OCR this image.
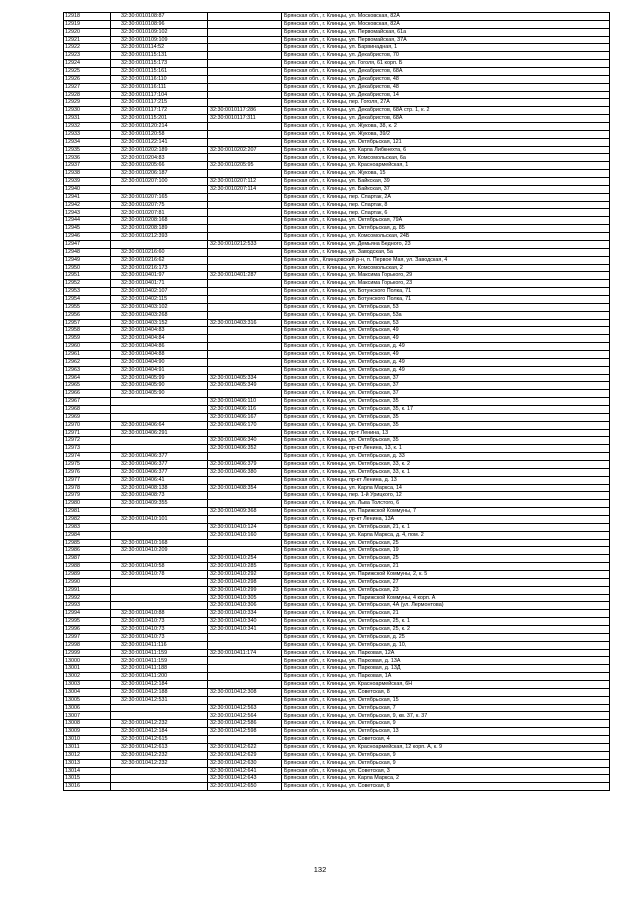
12918	32:30:0010108:87		Брянская обл., г. Клинцы, ул. Московская, 82А
12919	32:30:0010108:96		Брянская обл., г. Клинцы, ул. Московская, 82А
12920	32:30:0010109:102		Брянская обл., г. Клинцы, ул. Первомайская, 61а
12921	32:30:0010109:109		Брянская обл., г. Клинцы, ул. Первомайская, 37А
12922	32:30:0010114:52		Брянская обл., г. Клинцы, ул. Барвинадная, 1
12923	32:30:0010115:131		Брянская обл., г. Клинцы, ул. Декабристов, 70
12924	32:30:0010115:173		Брянская обл., г. Клинцы, ул. Гоголя, 61 корп. Б
12925	32:30:0010115:161		Брянская обл., г. Клинцы, ул. Декабристов, 68А
12926	32:30:0010116:110		Брянская обл., г. Клинцы, ул. Декабристов, 48
12927	32:30:0010116:111		Брянская обл., г. Клинцы, ул. Декабристов, 48
12928	32:30:0010117:104		Брянская обл., г. Клинцы, ул. Декабристов, 14
12929	32:30:0010117:215		Брянская обл., г. Клинцы, пер. Гоголя, 27А
12930	32:30:0010117:172	32:30:0010117:286	Брянская обл., г. Клинцы, ул. Декабристов, 68А стр. 1, к. 2
12931	32:30:0010115:201	32:30:0010117:311	Брянская обл., г. Клинцы, ул. Декабристов, 68А
12932	32:30:0010120:214		Брянская обл., г. Клинцы, ул. Жукова, 38, к. 2
12933	32:30:0010120:58		Брянская обл., г. Клинцы, ул. Жукова, 39/2
12934	32:30:0010122:141		Брянская обл., г. Клинцы, ул. Октябрьская, 121
12935	32:30:0010202:189	32:30:0010202:207	Брянская обл., г. Клинцы, ул. Карла Либкнехта, 6
12936	32:30:0010204:83		Брянская обл., г. Клинцы, ул. Комсомольская, 6а
12937	32:30:0010205:66	32:30:0010205:95	Брянская обл., г. Клинцы, ул. Красноармейская, 1
12938	32:30:0010206:187		Брянская обл., г. Клинцы, ул. Жукова, 15
12939	32:30:0010207:100	32:30:0010207:112	Брянская обл., г. Клинцы, ул. Байкская, 39
12940		32:30:0010207:114	Брянская обл., г. Клинцы, ул. Байкская, 37
12941	32:30:0010207:165		Брянская обл., г. Клинцы, пер. Спартак, 2А
12942	32:30:0010207:75		Брянская обл., г. Клинцы, пер. Спартак, 8
12943	32:30:0010207:81		Брянская обл., г. Клинцы, пер. Спартак, 6
12944	32:30:0010208:168		Брянская обл., г. Клинцы, ул. Октябрьская, 79А
12945	32:30:0010208:189		Брянская обл., г. Клинцы, ул. Октябрьская, д. 85
12946	32:30:0010212:393		Брянская обл., г. Клинцы, ул. Комсомольская, 24Б
12947		32:30:0010212:533	Брянская обл., г. Клинцы, ул. Демьяна Бедного, 23
12948	32:30:0010216:60		Брянская обл., г. Клинцы, ул. Заводская, 5а
12949	32:30:0010216:62		Брянская обл., Клинцовский р-н, п. Первое Мая, ул. Заводская, 4
12950	32:30:0010216:173		Брянская обл., г. Клинцы, ул. Комсомольская, 2
12951	32:30:0010401:97	32:30:0010401:287	Брянская обл., г. Клинцы, ул. Максима Горького, 29
12952	32:30:0010401:71		Брянская обл., г. Клинцы, ул. Максима Горького, 23
12953	32:30:0010402:107		Брянская обл., г. Клинцы, ул. Ботунского Полка, 71
12954	32:30:0010402:115		Брянская обл., г. Клинцы, ул. Ботунского Полка, 71
12955	32:30:0010403:102		Брянская обл., г. Клинцы, ул. Октябрьская, 53
12956	32:30:0010403:268		Брянская обл., г. Клинцы, ул. Октябрьская, 53а
12957	32:30:0010403:152	32:30:0010403:316	Брянская обл., г. Клинцы, ул. Октябрьская, 53
12958	32:30:0010404:83		Брянская обл., г. Клинцы, ул. Октябрьская, 49
12959	32:30:0010404:84		Брянская обл., г. Клинцы, ул. Октябрьская, 49
12960	32:30:0010404:86		Брянская обл., г. Клинцы, ул. Октябрьская, д. 49
12961	32:30:0010404:88		Брянская обл., г. Клинцы, ул. Октябрьская, 49
12962	32:30:0010404:90		Брянская обл., г. Клинцы, ул. Октябрьская, д. 49
12963	32:30:0010404:91		Брянская обл., г. Клинцы, ул. Октябрьская, д. 49
12964	32:30:0010405:99	32:30:0010405:334	Брянская обл., г. Клинцы, ул. Октябрьская, 37
12965	32:30:0010405:90	32:30:0010405:349	Брянская обл., г. Клинцы, ул. Октябрьская, 37
12966	32:30:0010405:90		Брянская обл., г. Клинцы, ул. Октябрьская, 37
12967		32:30:0010406:110	Брянская обл., г. Клинцы, ул. Октябрьская, 35
12968		32:30:0010406:116	Брянская обл., г. Клинцы, ул. Октябрьская, 35, к. 17
12969		32:30:0010406:167	Брянская обл., г. Клинцы, ул. Октябрьская, 35
12970	32:30:0010406:64	32:30:0010406:170	Брянская обл., г. Клинцы, ул. Октябрьская, 35
12971	32:30:0010406:291		Брянская обл., г. Клинцы, пр-т Ленина, 13
12972		32:30:0010406:340	Брянская обл., г. Клинцы, ул. Октябрьская, 35
12973		32:30:0010406:352	Брянская обл., г. Клинцы, пр-кт Ленина, 13, к. 1
12974	32:30:0010406:377		Брянская обл., г. Клинцы, ул. Октябрьская, д. 33
12975	32:30:0010406:377	32:30:0010406:379	Брянская обл., г. Клинцы, ул. Октябрьская, 33, к. 2
12976	32:30:0010406:377	32:30:0010406:380	Брянская обл., г. Клинцы, ул. Октябрьская, 33, к. 1
12977	32:30:0010406:41		Брянская обл., г. Клинцы, пр-кт Ленина, д. 13
12978	32:30:0010408:138	32:30:0010408:354	Брянская обл., г. Клинцы, ул. Карла Маркса, 14
12979	32:30:0010408:73		Брянская обл., г. Клинцы, пер. 1-й Урицкого, 12
12980	32:30:0010409:355		Брянская обл., г. Клинцы, ул. Льва Толстого, 6
12981		32:30:0010409:368	Брянская обл., г. Клинцы, ул. Парижской Коммуны, 7
12982	32:30:0010410:101		Брянская обл., г. Клинцы, пр-кт Ленина, 13А
12983		32:30:0010410:124	Брянская обл., г. Клинцы, ул. Октябрьская, 21, к. 1
12984		32:30:0010410:160	Брянская обл., г. Клинцы, ул. Карла Маркса, д. 4, пом. 2
12985	32:30:0010410:168		Брянская обл., г. Клинцы, ул. Октябрьская, 25
12986	32:30:0010410:209		Брянская обл., г. Клинцы, ул. Октябрьская, 19
12987		32:30:0010410:254	Брянская обл., г. Клинцы, ул. Октябрьская, 25
12988	32:30:0010410:58	32:30:0010410:285	Брянская обл., г. Клинцы, ул. Октябрьская, 21
12989	32:30:0010410:78	32:30:0010410:292	Брянская обл., г. Клинцы, ул. Парижской Коммуны, 2, к. 5
12990		32:30:0010410:298	Брянская обл., г. Клинцы, ул. Октябрьская, 27
12991		32:30:0010410:299	Брянская обл., г. Клинцы, ул. Октябрьская, 23
12992		32:30:0010410:305	Брянская обл., г. Клинцы, ул. Парижской Коммуны, 4 корп. А
12993		32:30:0010410:306	Брянская обл., г. Клинцы, ул. Октябрьская, 4А (ул. Лермонтова)
12994	32:30:0010410:88	32:30:0010410:334	Брянская обл., г. Клинцы, ул. Октябрьская, 21
12995	32:30:0010410:73	32:30:0010410:340	Брянская обл., г. Клинцы, ул. Октябрьская, 25, к. 1
12996	32:30:0010410:73	32:30:0010410:341	Брянская обл., г. Клинцы, ул. Октябрьская, 25, к. 2
12997	32:30:0010410:73		Брянская обл., г. Клинцы, ул. Октябрьская, д. 25
12998	32:30:0010411:116		Брянская обл., г. Клинцы, ул. Октябрьская, д. 10,
12999	32:30:0010411:159	32:30:0010411:174	Брянская обл., г. Клинцы, ул. Парковая, 12А
13000	32:30:0010411:159		Брянская обл., г. Клинцы, ул. Парковая, д. 13А
13001	32:30:0010411:188		Брянская обл., г. Клинцы, ул. Парковая, д. 13Д
13002	32:30:0010411:200		Брянская обл., г. Клинцы, ул. Парковая, 1А
13003	32:30:0010412:184		Брянская обл., г. Клинцы, ул. Красноармейская, 6Н
13004	32:30:0010412:188	32:30:0010412:308	Брянская обл., г. Клинцы, ул. Советская, 8
13005	32:30:0010412:531		Брянская обл., г. Клинцы, ул. Октябрьская, 15
13006		32:30:0010412:563	Брянская обл., г. Клинцы, ул. Октябрьская, 7
13007		32:30:0010412:564	Брянская обл., г. Клинцы, ул. Октябрьская, 9, кв. 37, к. 37
13008	32:30:0010412:232	32:30:0010412:586	Брянская обл., г. Клинцы, ул. Октябрьская, 9
13009	32:30:0010412:184	32:30:0010412:598	Брянская обл., г. Клинцы, ул. Октябрьская, 13
13010	32:30:0010412:615		Брянская обл., г. Клинцы, ул. Советская, 4
13011	32:30:0010412:613	32:30:0010412:622	Брянская обл., г. Клинцы, ул. Красноармейская, 12 корп. А, к. 9
13012	32:30:0010412:232	32:30:0010412:629	Брянская обл., г. Клинцы, ул. Октябрьская, 9
13013	32:30:0010412:232	32:30:0010412:630	Брянская обл., г. Клинцы, ул. Октябрьская, 9
13014		32:30:0010412:641	Брянская обл., г. Клинцы, ул. Советская, 3
13015		32:30:0010412:643	Брянская обл., г. Клинцы, ул. Карла Маркса, 2
13016		32:30:0010412:650	Брянская обл., г. Клинцы, ул. Советская, 8
132
